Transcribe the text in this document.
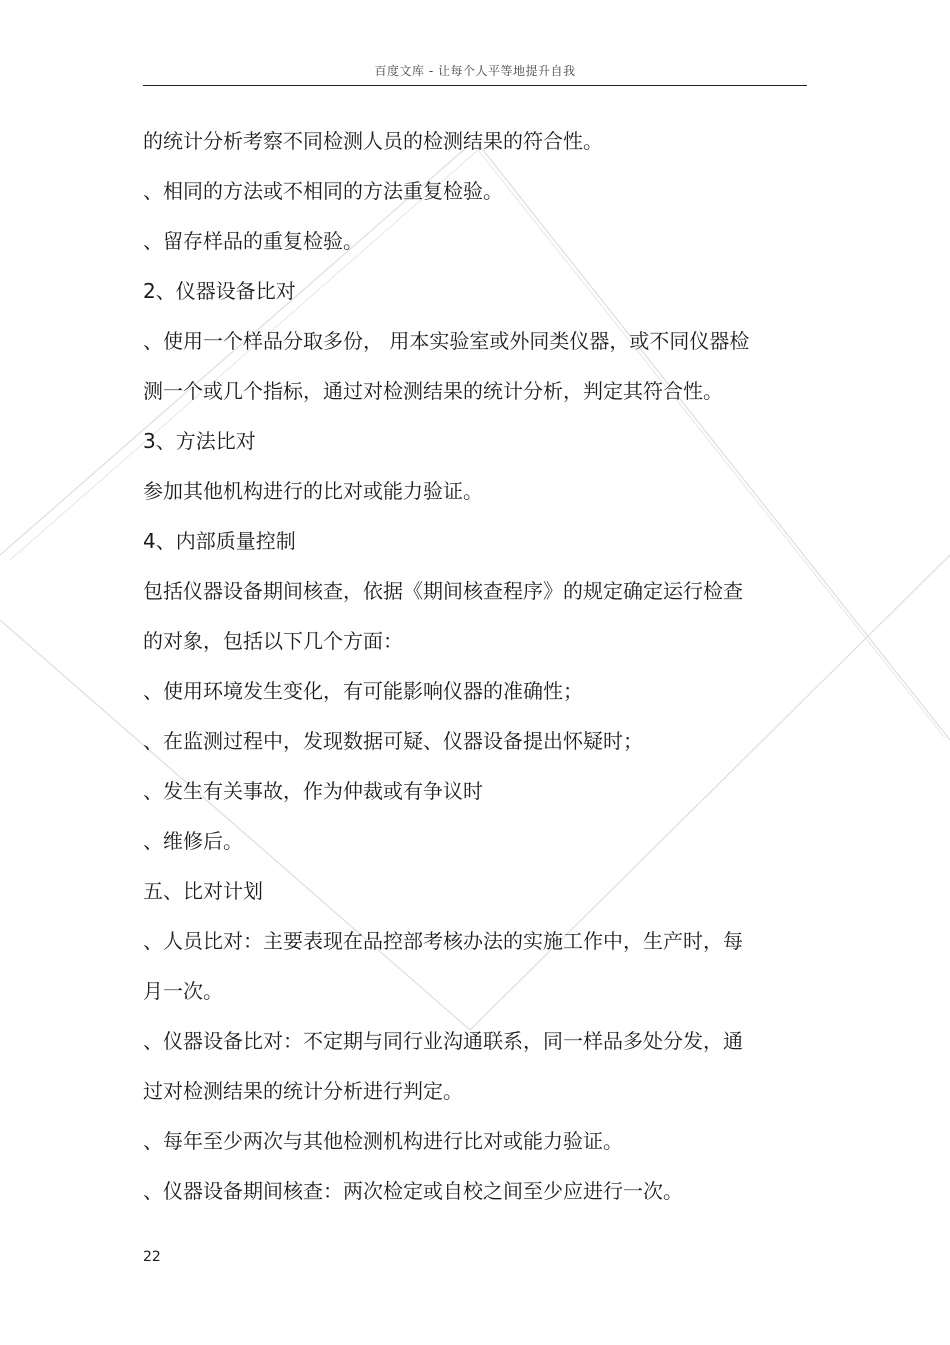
百度文库 - 让每个人平等地提升自我
的统计分析考察不同检测人员的检测结果的符合性。
、相同的方法或不相同的方法重复检验。
、留存样品的重复检验。
2、仪器设备比对
、使用一个样品分取多份， 用本实验室或外同类仪器，或不同仪器检
测一个或几个指标，通过对检测结果的统计分析，判定其符合性。
3、方法比对
参加其他机构进行的比对或能力验证。
4、内部质量控制
包括仪器设备期间核查，依据《期间核查程序》的规定确定运行检查
的对象，包括以下几个方面：
、使用环境发生变化，有可能影响仪器的准确性；
、在监测过程中，发现数据可疑、仪器设备提出怀疑时；
、发生有关事故，作为仲裁或有争议时
、维修后。
五、比对计划
、人员比对：主要表现在品控部考核办法的实施工作中，生产时，每
月一次。
、仪器设备比对：不定期与同行业沟通联系，同一样品多处分发，通
过对检测结果的统计分析进行判定。
、每年至少两次与其他检测机构进行比对或能力验证。
、仪器设备期间核查：两次检定或自校之间至少应进行一次。
22
